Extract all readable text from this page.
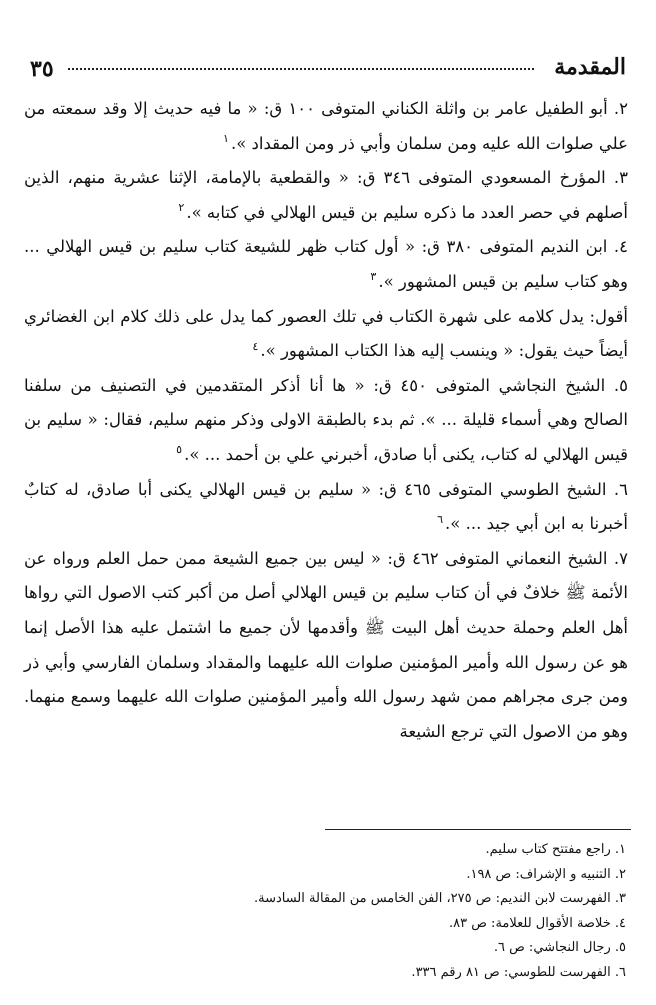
٣٥	المقدمة

٢. أبو الطفيل عامر بن واثلة الكناني المتوفى ١٠٠ ق: « ما فيه حديث إلا وقد سمعته من علي صلوات الله عليه ومن سلمان وأبي ذر ومن المقداد ».$^١$

٣. المؤرخ المسعودي المتوفى ٣٤٦ ق: « والقطعية بالإمامة، الإثنا عشرية منهم، الذين أصلهم في حصر العدد ما ذكره سليم بن قيس الهلالي في كتابه ».$^٢$

٤. ابن النديم المتوفى ٣٨٠ ق: « أول كتاب ظهر للشيعة كتاب سليم بن قيس الهلالي ... وهو كتاب سليم بن قيس المشهور ».$^٣$

أقول: يدل كلامه على شهرة الكتاب في تلك العصور كما يدل على ذلك كلام ابن الغضائري أيضاً حيث يقول: « وينسب إليه هذا الكتاب المشهور ».$^٤$

٥. الشيخ النجاشي المتوفى ٤٥٠ ق: « ها أنا أذكر المتقدمين في التصنيف من سلفنا الصالح وهي أسماء قليلة ... ». ثم بدء بالطبقة الاولى وذكر منهم سليم، فقال: « سليم بن قيس الهلالي له كتاب، يكنى أبا صادق، أخبرني علي بن أحمد ... ».$^٥$

٦. الشيخ الطوسي المتوفى ٤٦٥ ق: « سليم بن قيس الهلالي يكنى أبا صادق، له كتابٌ أخبرنا به ابن أبي جيد ... ».$^٦$

٧. الشيخ النعماني المتوفى ٤٦٢ ق: « ليس بين جميع الشيعة ممن حمل العلم ورواه عن الأئمة ﷺ خلافٌ في أن كتاب سليم بن قيس الهلالي أصل من أكبر كتب الاصول التي رواها أهل العلم وحملة حديث أهل البيت ﷺ وأقدمها لأن جميع ما اشتمل عليه هذا الأصل إنما هو عن رسول الله وأمير المؤمنين صلوات الله عليهما والمقداد وسلمان الفارسي وأبي ذر ومن جرى مجراهم ممن شهد رسول الله وأمير المؤمنين صلوات الله عليهما وسمع منهما. وهو من الاصول التي ترجع الشيعة

١. راجع مفتتح كتاب سليم.
٢. التنبيه و الإشراف: ص ١٩٨.
٣. الفهرست لابن النديم: ص ٢٧٥، الفن الخامس من المقالة السادسة.
٤. خلاصة الأقوال للعلامة: ص ٨٣.
٥. رجال النجاشي: ص ٦.
٦. الفهرست للطوسي: ص ٨١ رقم ٣٣٦.
